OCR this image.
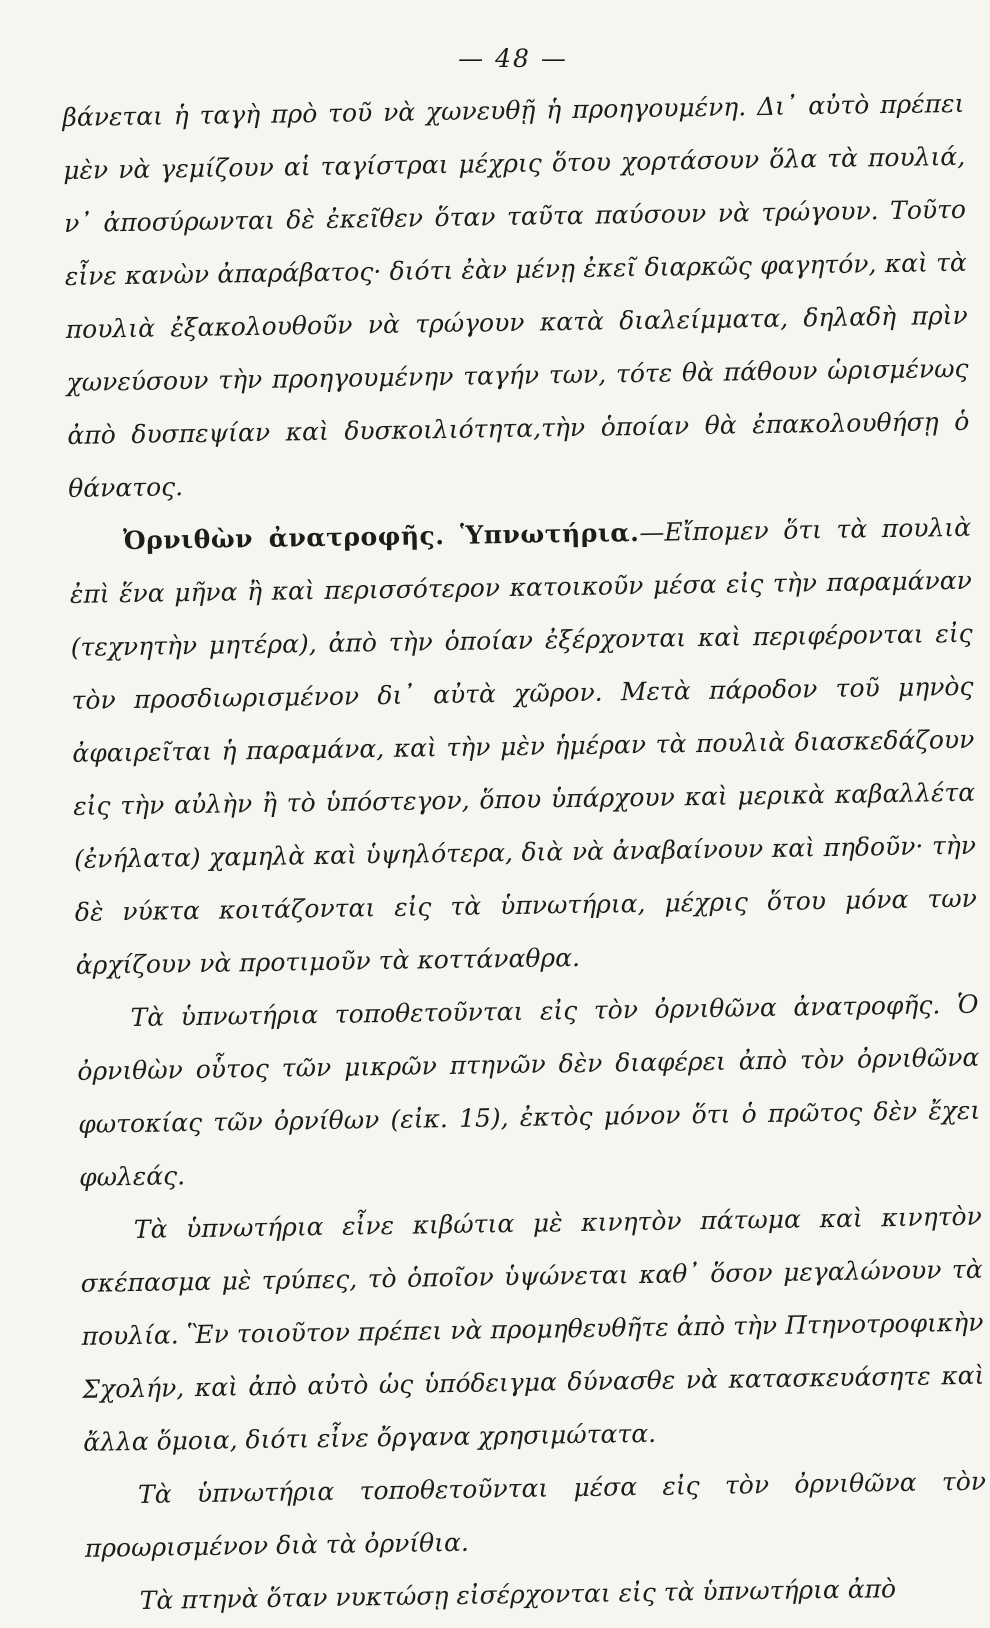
— 48 —

βάνεται ἡ ταγὴ πρὸ τοῦ νὰ χωνευθῇ ἡ προηγουμένη. Δι᾿ αὐτὸ πρέπει μὲν νὰ γεμίζουν αἱ ταγίστραι μέχρις ὅτου χορτάσουν ὅλα τὰ πουλιά, ν᾿ ἀποσύρωνται δὲ ἐκεῖθεν ὅταν ταῦτα παύσουν νὰ τρώγουν. Τοῦτο εἶνε κανὼν ἀπαράβατος· διότι ἐὰν μένῃ ἐκεῖ διαρκῶς φαγητόν, καὶ τὰ πουλιὰ ἐξακολουθοῦν νὰ τρώγουν κατὰ διαλείμματα, δηλαδὴ πρὶν χωνεύσουν τὴν προηγουμένην ταγήν των, τότε θὰ πάθουν ὡρισμένως ἀπὸ δυσπεψίαν καὶ δυσκοιλιότητα,τὴν ὁποίαν θὰ ἐπακολουθήσῃ ὁ θάνατος.

Ὀρνιθὼν ἀνατροφῆς. Ὑπνωτήρια.—Εἴπομεν ὅτι τὰ πουλιὰ ἐπὶ ἕνα μῆνα ἢ καὶ περισσότερον κατοικοῦν μέσα εἰς τὴν παραμάναν (τεχνητὴν μητέρα), ἀπὸ τὴν ὁποίαν ἐξέρχονται καὶ περιφέρονται εἰς τὸν προσδιωρισμένον δι᾿ αὐτὰ χῶρον. Μετὰ πάροδον τοῦ μηνὸς ἀφαιρεῖται ἡ παραμάνα, καὶ τὴν μὲν ἡμέραν τὰ πουλιὰ διασκεδάζουν εἰς τὴν αὐλὴν ἢ τὸ ὑπόστεγον, ὅπου ὑπάρχουν καὶ μερικὰ καβαλλέτα (ἐνήλατα) χαμηλὰ καὶ ὑψηλότερα, διὰ νὰ ἀναβαίνουν καὶ πηδοῦν· τὴν δὲ νύκτα κοιτάζονται εἰς τὰ ὑπνωτήρια, μέχρις ὅτου μόνα των ἀρχίζουν νὰ προτιμοῦν τὰ κοττάναθρα.

Τὰ ὑπνωτήρια τοποθετοῦνται εἰς τὸν ὀρνιθῶνα ἀνατροφῆς. Ὁ ὀρνιθὼν οὗτος τῶν μικρῶν πτηνῶν δὲν διαφέρει ἀπὸ τὸν ὀρνιθῶνα φωτοκίας τῶν ὀρνίθων (εἰκ. 15), ἐκτὸς μόνον ὅτι ὁ πρῶτος δὲν ἔχει φωλεάς.

Τὰ ὑπνωτήρια εἶνε κιβώτια μὲ κινητὸν πάτωμα καὶ κινητὸν σκέπασμα μὲ τρύπες, τὸ ὁποῖον ὑψώνεται καθ᾿ ὅσον μεγαλώνουν τὰ πουλία. Ἓν τοιοῦτον πρέπει νὰ προμηθευθῆτε ἀπὸ τὴν Πτηνοτροφικὴν Σχολήν, καὶ ἀπὸ αὐτὸ ὡς ὑπόδειγμα δύνασθε νὰ κατασκευάσητε καὶ ἄλλα ὅμοια, διότι εἶνε ὄργανα χρησιμώτατα.

Τὰ ὑπνωτήρια τοποθετοῦνται μέσα εἰς τὸν ὀρνιθῶνα τὸν προωρισμένον διὰ τὰ ὀρνίθια.

Τὰ πτηνὰ ὅταν νυκτώσῃ εἰσέρχονται εἰς τὰ ὑπνωτήρια ἀπὸ
